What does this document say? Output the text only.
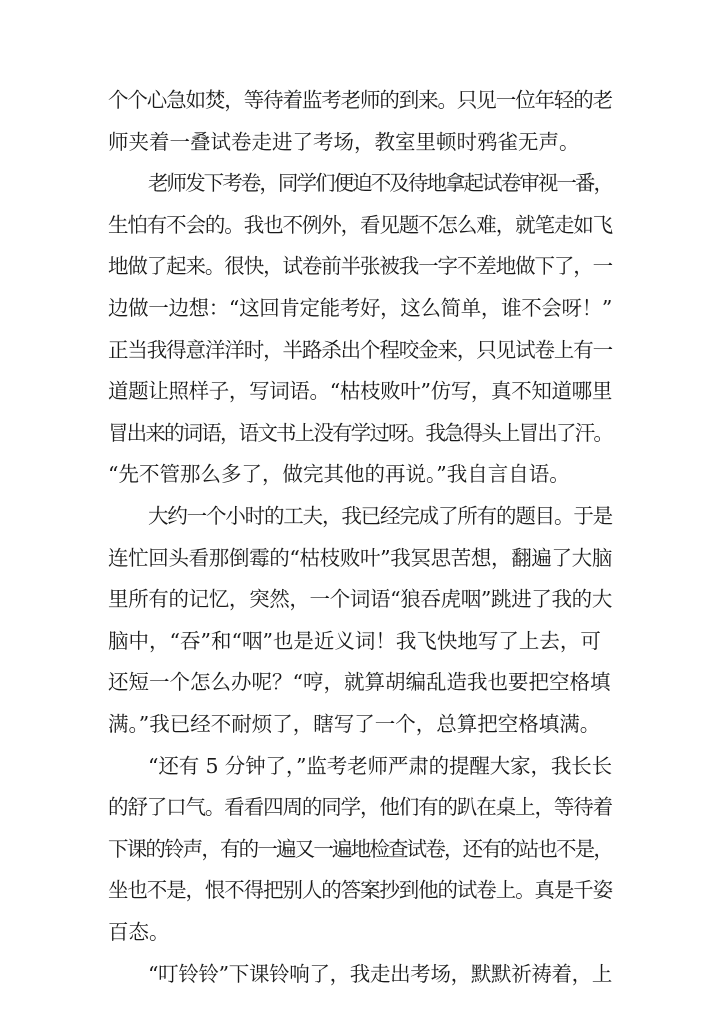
个个心急如焚，等待着监考老师的到来。只见一位年轻的老
师夹着一叠试卷走进了考场，教室里顿时鸦雀无声。
老师发下考卷，同学们便迫不及待地拿起试卷审视一番，
生怕有不会的。我也不例外，看见题不怎么难，就笔走如飞
地做了起来。很快，试卷前半张被我一字不差地做下了，一
边做一边想：“这回肯定能考好，这么简单，谁不会呀！”
正当我得意洋洋时，半路杀出个程咬金来，只见试卷上有一
道题让照样子，写词语。“枯枝败叶”仿写，真不知道哪里
冒出来的词语，语文书上没有学过呀。我急得头上冒出了汗。
“先不管那么多了，做完其他的再说。”我自言自语。
大约一个小时的工夫，我已经完成了所有的题目。于是
连忙回头看那倒霉的“枯枝败叶”我冥思苦想，翻遍了大脑
里所有的记忆，突然，一个词语“狼吞虎咽”跳进了我的大
脑中，“吞”和“咽”也是近义词！我飞快地写了上去，可
还短一个怎么办呢？“哼，就算胡编乱造我也要把空格填
满。”我已经不耐烦了，瞎写了一个，总算把空格填满。
“还有 5 分钟了，”监考老师严肃的提醒大家，我长长
的舒了口气。看看四周的同学，他们有的趴在桌上，等待着
下课的铃声，有的一遍又一遍地检查试卷，还有的站也不是，
坐也不是，恨不得把别人的答案抄到他的试卷上。真是千姿
百态。
“叮铃铃”下课铃响了，我走出考场，默默祈祷着，上
